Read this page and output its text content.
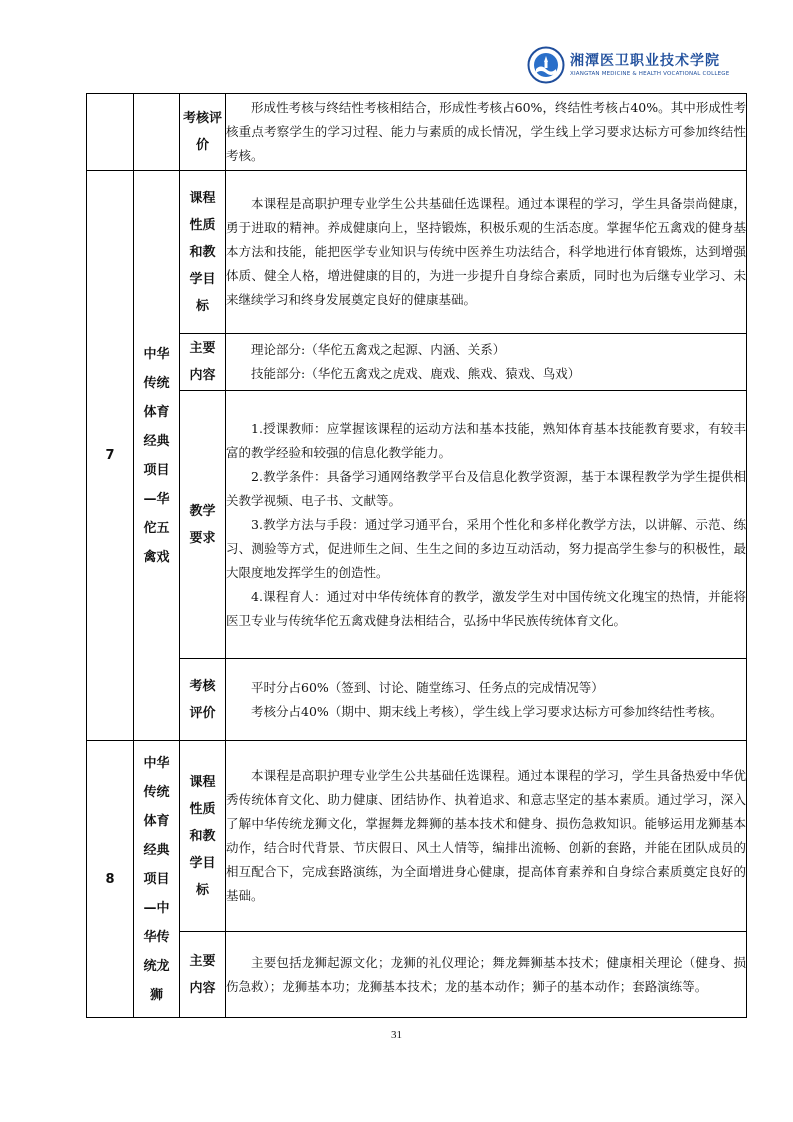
湘潭医卫职业技术学院
XIANGTAN MEDICINE & HEALTH VOCATIONAL COLLEGE
		考核评价	形成性考核与终结性考核相结合，形成性考核占60%，终结性考核占40%。其中形成性考核重点考察学生的学习过程、能力与素质的成长情况，学生线上学习要求达标方可参加终结性考核。

7	中华传统体育经典项目—华佗五禽戏	课程性质和教学目标	本课程是高职护理专业学生公共基础任选课程。通过本课程的学习，学生具备崇尚健康，勇于进取的精神。养成健康向上，坚持锻炼，积极乐观的生活态度。掌握华佗五禽戏的健身基本方法和技能，能把医学专业知识与传统中医养生功法结合，科学地进行体育锻炼，达到增强体质、健全人格，增进健康的目的，为进一步提升自身综合素质，同时也为后继专业学习、未来继续学习和终身发展奠定良好的健康基础。

		主要内容	理论部分:（华佗五禽戏之起源、内涵、关系）

技能部分:（华佗五禽戏之虎戏、鹿戏、熊戏、猿戏、鸟戏）

		教学要求	1.授课教师：应掌握该课程的运动方法和基本技能，熟知体育基本技能教育要求，有较丰富的教学经验和较强的信息化教学能力。

2.教学条件：具备学习通网络教学平台及信息化教学资源，基于本课程教学为学生提供相关教学视频、电子书、文献等。

3.教学方法与手段：通过学习通平台，采用个性化和多样化教学方法，以讲解、示范、练习、测验等方式，促进师生之间、生生之间的多边互动活动，努力提高学生参与的积极性，最大限度地发挥学生的创造性。

4.课程育人：通过对中华传统体育的教学，激发学生对中国传统文化瑰宝的热情，并能将医卫专业与传统华佗五禽戏健身法相结合，弘扬中华民族传统体育文化。

		考核评价	平时分占60%（签到、讨论、随堂练习、任务点的完成情况等）

考核分占40%（期中、期末线上考核），学生线上学习要求达标方可参加终结性考核。

8	中华传统体育经典项目—中华传统龙狮	课程性质和教学目标	本课程是高职护理专业学生公共基础任选课程。通过本课程的学习，学生具备热爱中华优秀传统体育文化、助力健康、团结协作、执着追求、和意志坚定的基本素质。通过学习，深入了解中华传统龙狮文化，掌握舞龙舞狮的基本技术和健身、损伤急救知识。能够运用龙狮基本动作，结合时代背景、节庆假日、风土人情等，编排出流畅、创新的套路，并能在团队成员的相互配合下，完成套路演练，为全面增进身心健康，提高体育素养和自身综合素质奠定良好的基础。

		主要内容	主要包括龙狮起源文化；龙狮的礼仪理论；舞龙舞狮基本技术；健康相关理论（健身、损伤急救）；龙狮基本功；龙狮基本技术；龙的基本动作；狮子的基本动作；套路演练等。

31
